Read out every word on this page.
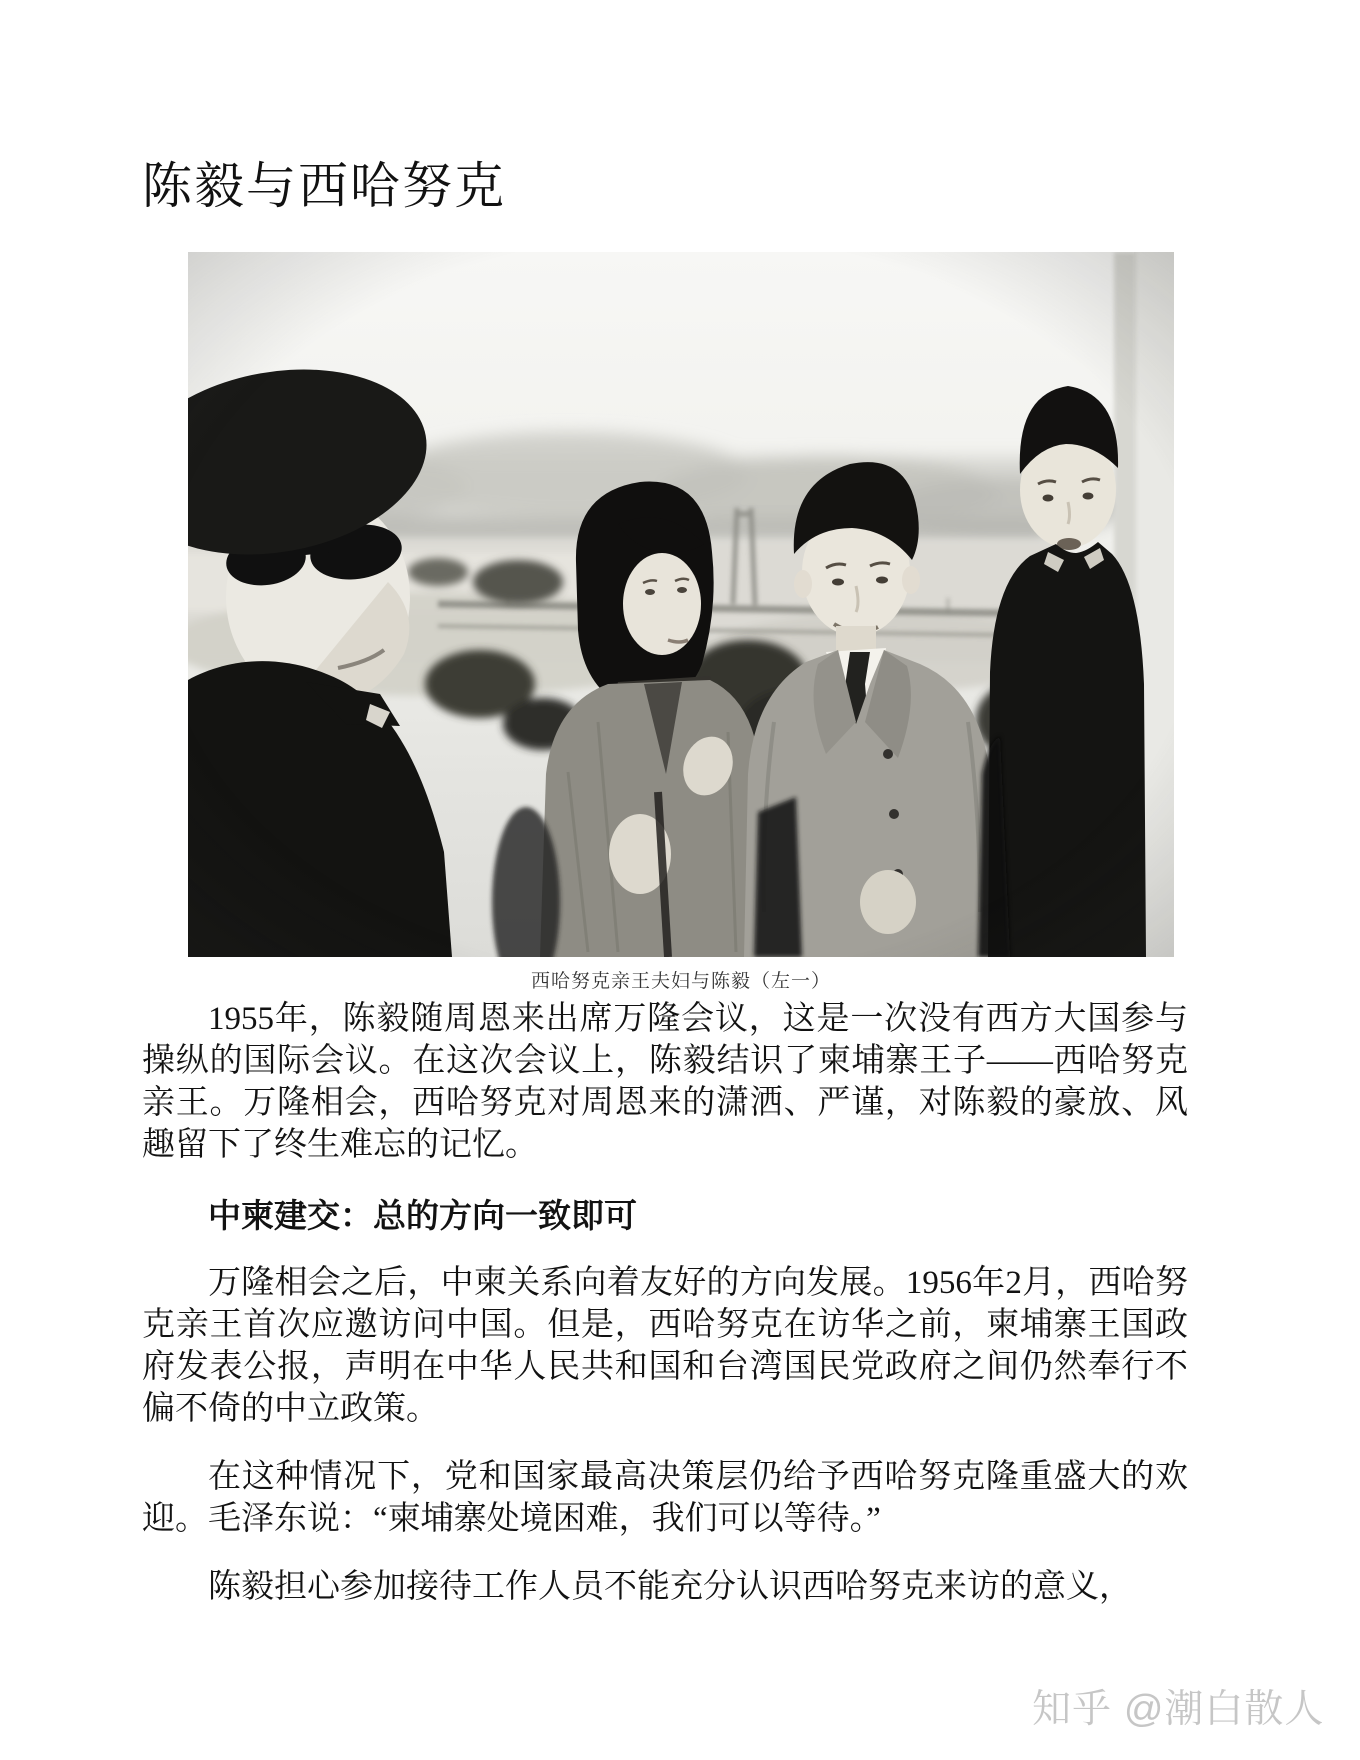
陈毅与西哈努克
西哈努克亲王夫妇与陈毅（左一）

1955年，陈毅随周恩来出席万隆会议，这是一次没有西方大国参与操纵的国际会议。在这次会议上，陈毅结识了柬埔寨王子——西哈努克亲王。万隆相会，西哈努克对周恩来的潇洒、严谨，对陈毅的豪放、风趣留下了终生难忘的记忆。

中柬建交：总的方向一致即可

万隆相会之后，中柬关系向着友好的方向发展。1956年2月，西哈努克亲王首次应邀访问中国。但是，西哈努克在访华之前，柬埔寨王国政府发表公报，声明在中华人民共和国和台湾国民党政府之间仍然奉行不偏不倚的中立政策。

在这种情况下，党和国家最高决策层仍给予西哈努克隆重盛大的欢迎。毛泽东说：“柬埔寨处境困难，我们可以等待。”

陈毅担心参加接待工作人员不能充分认识西哈努克来访的意义，

知乎 @潮白散人
